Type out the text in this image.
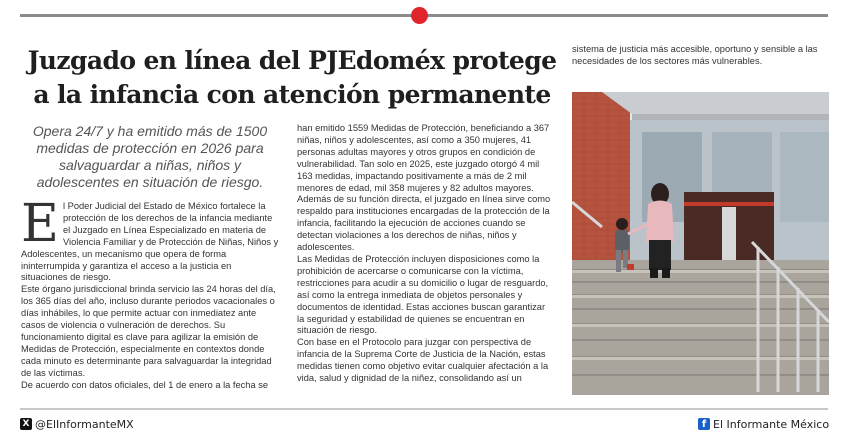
Juzgado en línea del PJEdoméx protege a la infancia con atención permanente

Opera 24/7 y ha emitido más de 1500 medidas de protección en 2026 para salvaguardar a niñas, niños y adolescentes en situación de riesgo.

El Poder Judicial del Estado de México fortalece la protección de los derechos de la infancia mediante el Juzgado en Línea Especializado en materia de Violencia Familiar y de Protección de Niñas, Niños y Adolescentes, un mecanismo que opera de forma ininterrumpida y garantiza el acceso a la justicia en situaciones de riesgo.

Este órgano jurisdiccional brinda servicio las 24 horas del día, los 365 días del año, incluso durante periodos vacacionales o días inhábiles, lo que permite actuar con inmediatez ante casos de violencia o vulneración de derechos. Su funcionamiento digital es clave para agilizar la emisión de Medidas de Protección, especialmente en contextos donde cada minuto es determinante para salvaguardar la integridad de las víctimas.

De acuerdo con datos oficiales, del 1 de enero a la fecha se

han emitido 1559 Medidas de Protección, beneficiando a 367 niñas, niños y adolescentes, así como a 350 mujeres, 41 personas adultas mayores y otros grupos en condición de vulnerabilidad. Tan solo en 2025, este juzgado otorgó 4 mil 163 medidas, impactando positivamente a más de 2 mil menores de edad, mil 358 mujeres y 82 adultos mayores.

Además de su función directa, el juzgado en línea sirve como respaldo para instituciones encargadas de la protección de la infancia, facilitando la ejecución de acciones cuando se detectan violaciones a los derechos de niñas, niños y adolescentes.

Las Medidas de Protección incluyen disposiciones como la prohibición de acercarse o comunicarse con la víctima, restricciones para acudir a su domicilio o lugar de resguardo, así como la entrega inmediata de objetos personales y documentos de identidad. Estas acciones buscan garantizar la seguridad y estabilidad de quienes se encuentran en situación de riesgo.

Con base en el Protocolo para juzgar con perspectiva de infancia de la Suprema Corte de Justicia de la Nación, estas medidas tienen como objetivo evitar cualquier afectación a la vida, salud y dignidad de la niñez, consolidando así un

sistema de justicia más accesible, oportuno y sensible a las necesidades de los sectores más vulnerables.

X @ElInformanteMX	f El Informante México
